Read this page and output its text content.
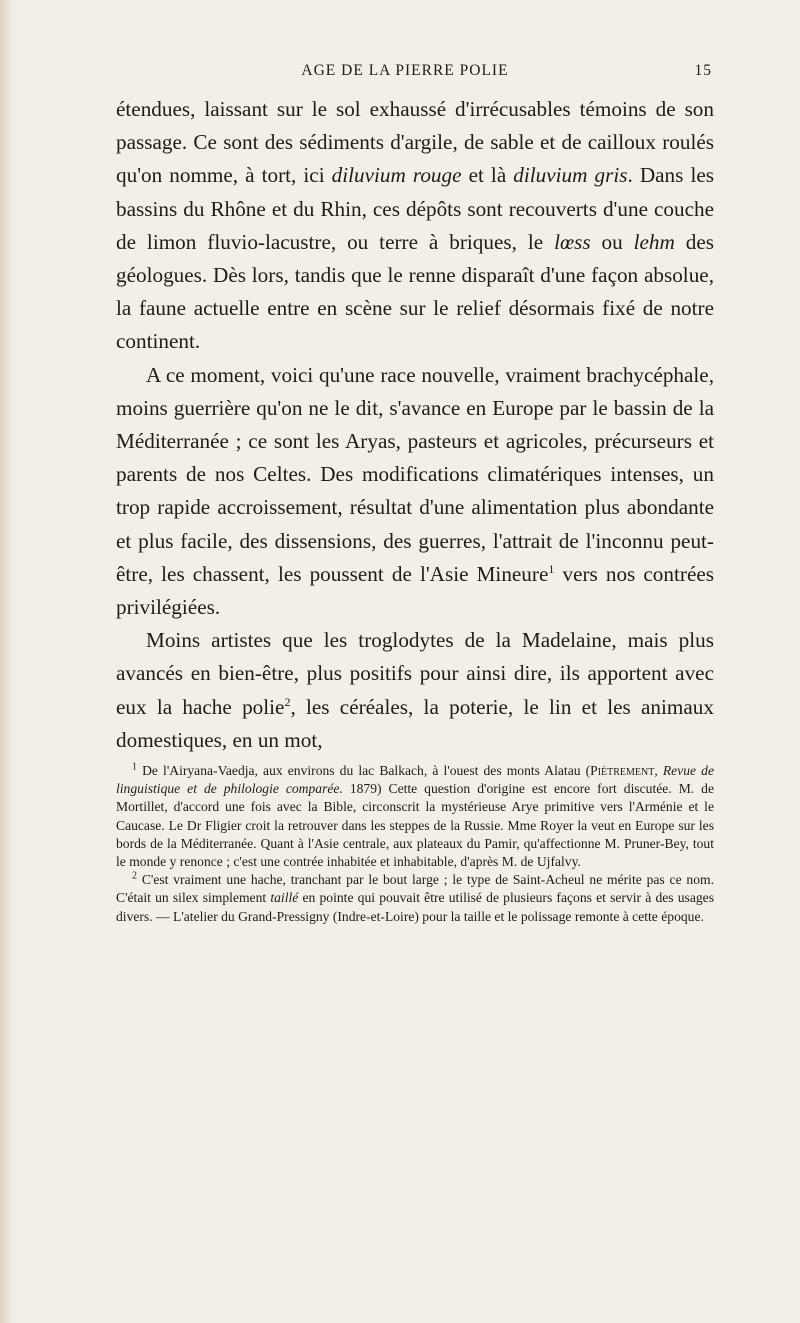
AGE DE LA PIERRE POLIE	15

étendues, laissant sur le sol exhaussé d'irrécusables témoins de son passage. Ce sont des sédiments d'argile, de sable et de cailloux roulés qu'on nomme, à tort, ici diluvium rouge et là diluvium gris. Dans les bassins du Rhône et du Rhin, ces dépôts sont recouverts d'une couche de limon fluvio-lacustre, ou terre à briques, le lœss ou lehm des géologues. Dès lors, tandis que le renne disparaît d'une façon absolue, la faune actuelle entre en scène sur le relief désormais fixé de notre continent.

A ce moment, voici qu'une race nouvelle, vraiment brachycéphale, moins guerrière qu'on ne le dit, s'avance en Europe par le bassin de la Méditerranée ; ce sont les Aryas, pasteurs et agricoles, précurseurs et parents de nos Celtes. Des modifications climatériques intenses, un trop rapide accroissement, résultat d'une alimentation plus abondante et plus facile, des dissensions, des guerres, l'attrait de l'inconnu peut-être, les chassent, les poussent de l'Asie Mineure$^1$ vers nos contrées privilégiées.

Moins artistes que les troglodytes de la Madelaine, mais plus avancés en bien-être, plus positifs pour ainsi dire, ils apportent avec eux la hache polie$^2$, les céréales, la poterie, le lin et les animaux domestiques, en un mot,

$^1$ De l'Airyana-Vaedja, aux environs du lac Balkach, à l'ouest des monts Alatau (Piétrement, Revue de linguistique et de philologie comparée. 1879) Cette question d'origine est encore fort discutée. M. de Mortillet, d'accord une fois avec la Bible, circonscrit la mystérieuse Arye primitive vers l'Arménie et le Caucase. Le Dr Fligier croit la retrouver dans les steppes de la Russie. Mme Royer la veut en Europe sur les bords de la Méditerranée. Quant à l'Asie centrale, aux plateaux du Pamir, qu'affectionne M. Pruner-Bey, tout le monde y renonce ; c'est une contrée inhabitée et inhabitable, d'après M. de Ujfalvy.

$^2$ C'est vraiment une hache, tranchant par le bout large ; le type de Saint-Acheul ne mérite pas ce nom. C'était un silex simplement taillé en pointe qui pouvait être utilisé de plusieurs façons et servir à des usages divers. — L'atelier du Grand-Pressigny (Indre-et-Loire) pour la taille et le polissage remonte à cette époque.
